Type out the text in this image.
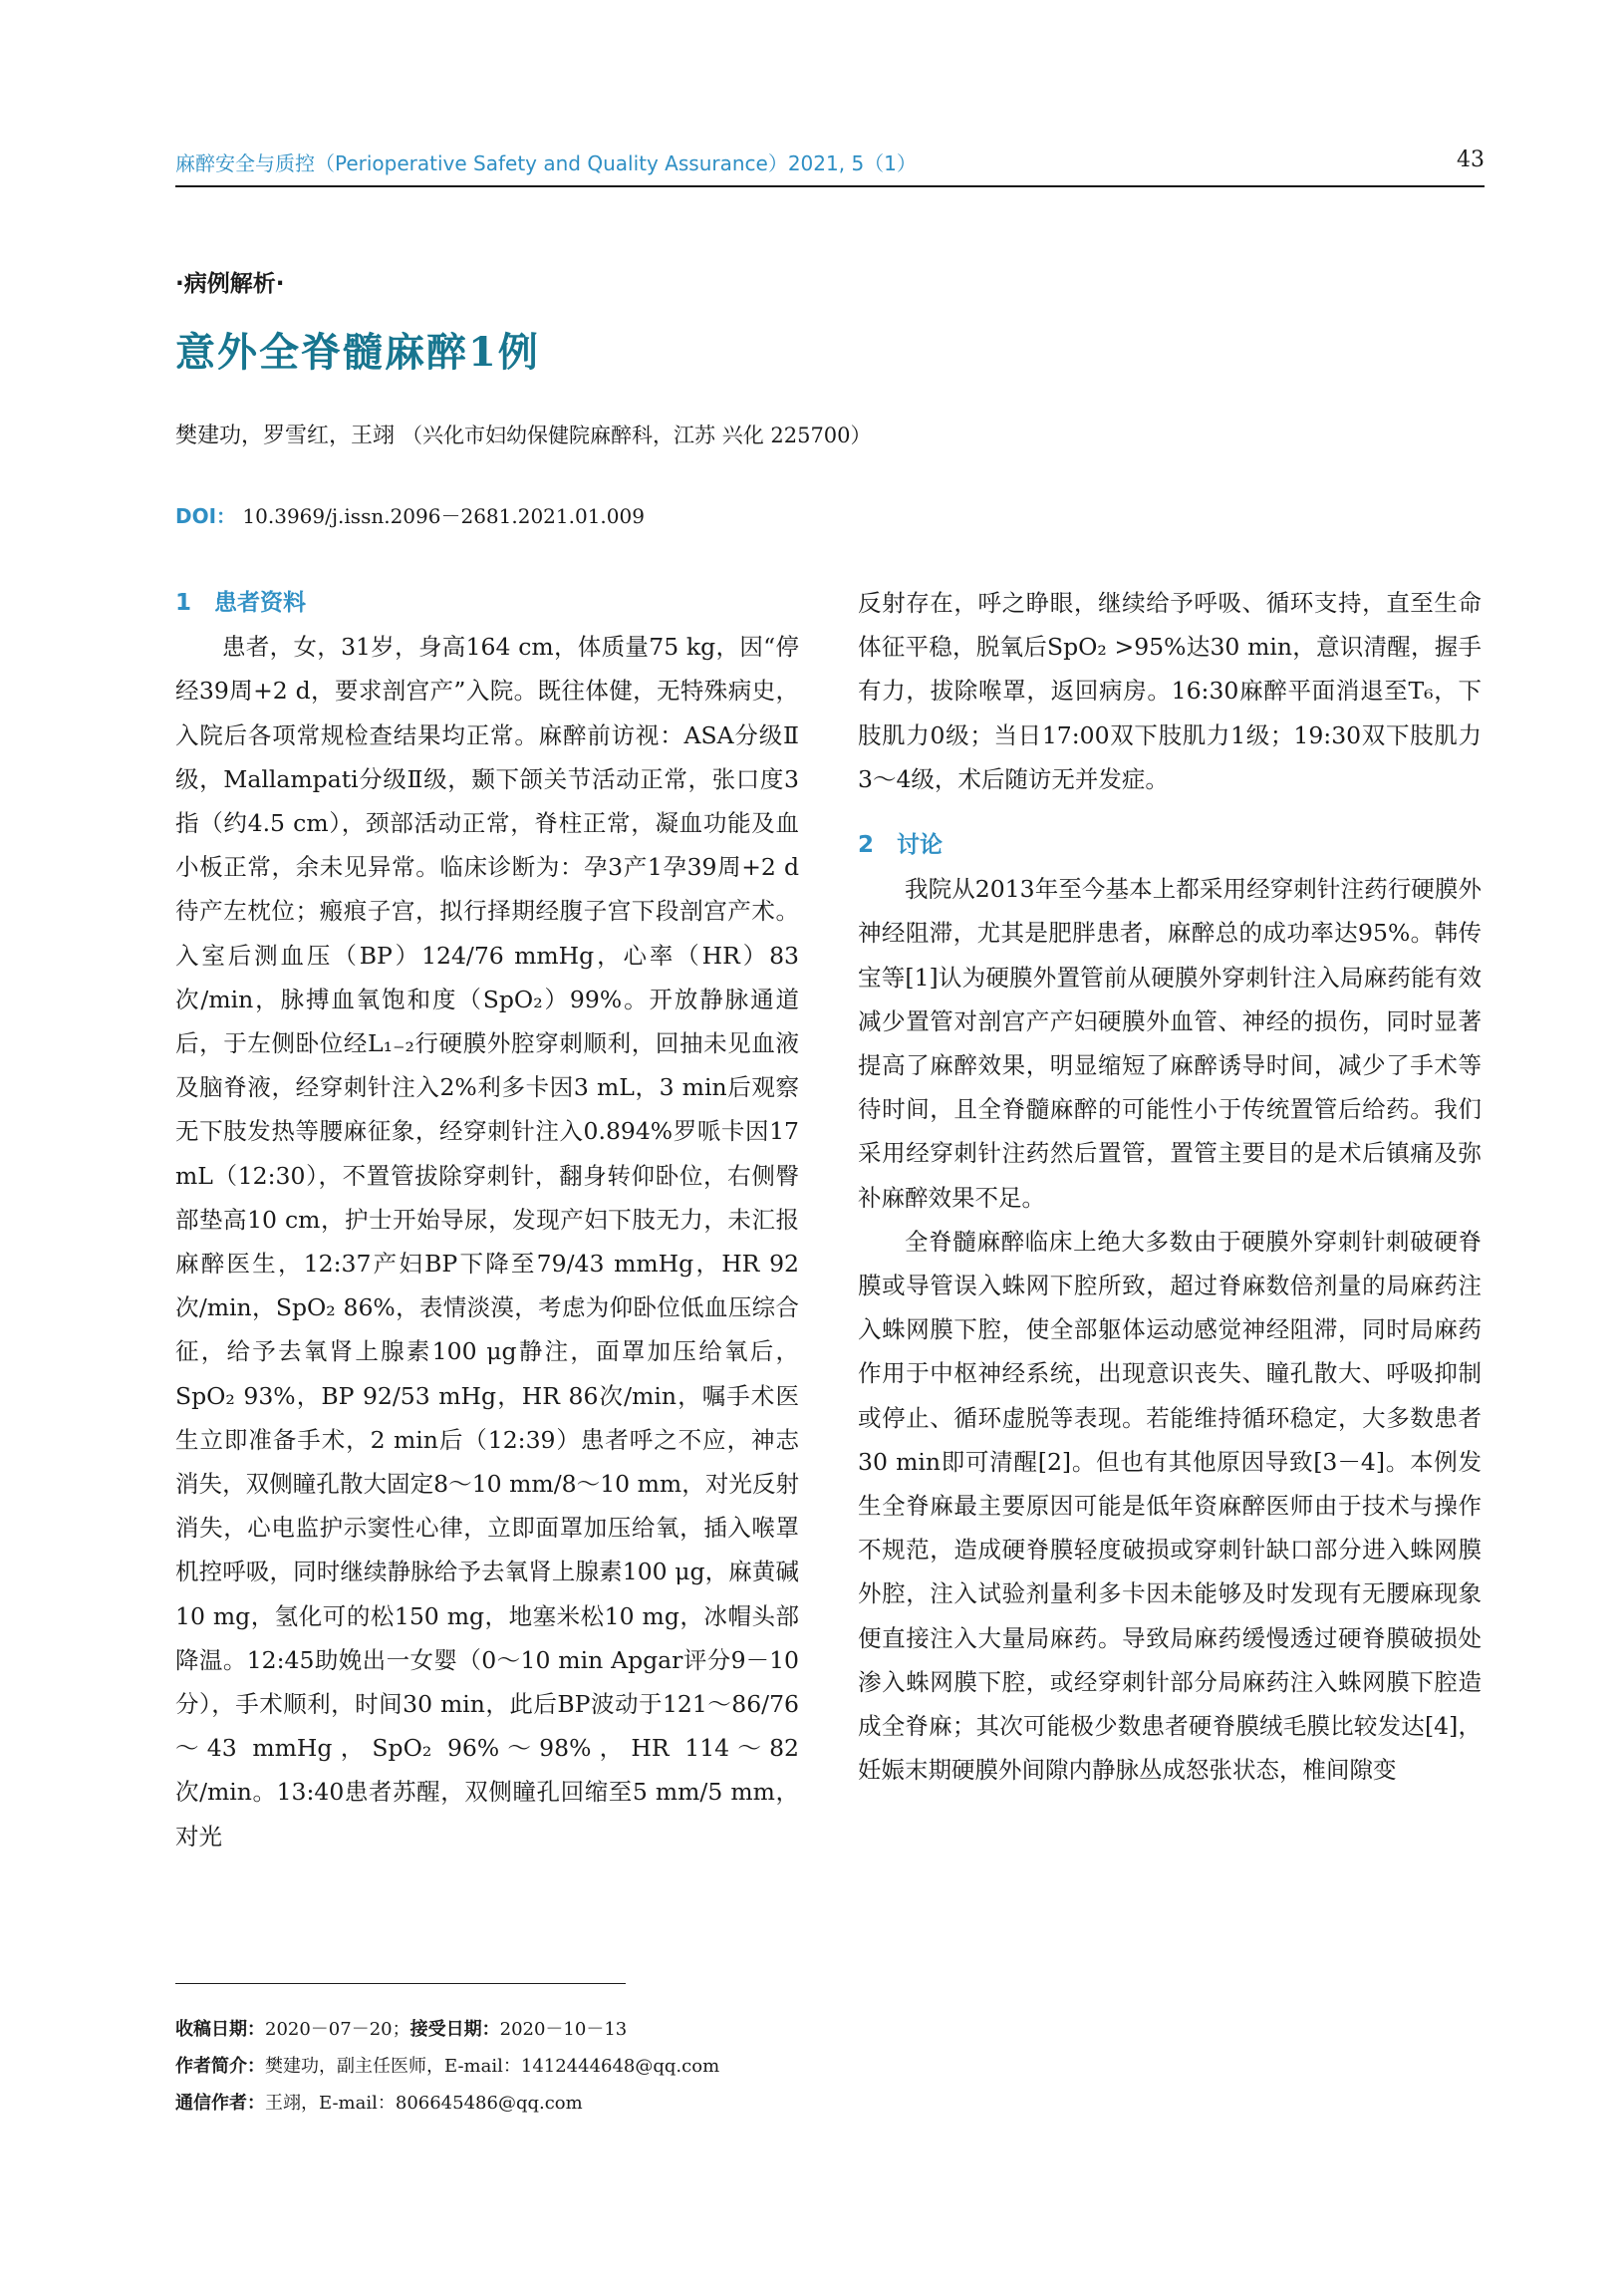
麻醉安全与质控（Perioperative Safety and Quality Assurance）2021, 5（1）	43
·病例解析·
意外全脊髓麻醉1例
樊建功，罗雪红，王翊 （兴化市妇幼保健院麻醉科，江苏 兴化 225700）
DOI： 10.3969/j.issn.2096－2681.2021.01.009
1　患者资料

患者，女，31岁，身高164 cm，体质量75 kg，因“停经39周+2 d，要求剖宫产”入院。既往体健，无特殊病史，入院后各项常规检查结果均正常。麻醉前访视：ASA分级Ⅱ级，Mallampati分级Ⅱ级，颞下颌关节活动正常，张口度3指（约4.5 cm），颈部活动正常，脊柱正常，凝血功能及血小板正常，余未见异常。临床诊断为：孕3产1孕39周+2 d待产左枕位；瘢痕子宫，拟行择期经腹子宫下段剖宫产术。入室后测血压（BP）124/76 mmHg，心率（HR）83次/min，脉搏血氧饱和度（SpO₂）99%。开放静脉通道后，于左侧卧位经L₁₋₂行硬膜外腔穿刺顺利，回抽未见血液及脑脊液，经穿刺针注入2%利多卡因3 mL，3 min后观察无下肢发热等腰麻征象，经穿刺针注入0.894%罗哌卡因17 mL（12:30），不置管拔除穿刺针，翻身转仰卧位，右侧臀部垫高10 cm，护士开始导尿，发现产妇下肢无力，未汇报麻醉医生，12:37产妇BP下降至79/43 mmHg，HR 92次/min，SpO₂ 86%，表情淡漠，考虑为仰卧位低血压综合征，给予去氧肾上腺素100 μg静注，面罩加压给氧后，SpO₂ 93%，BP 92/53 mHg，HR 86次/min，嘱手术医生立即准备手术，2 min后（12:39）患者呼之不应，神志消失，双侧瞳孔散大固定8～10 mm/8～10 mm，对光反射消失，心电监护示窦性心律，立即面罩加压给氧，插入喉罩机控呼吸，同时继续静脉给予去氧肾上腺素100 μg，麻黄碱10 mg，氢化可的松150 mg，地塞米松10 mg，冰帽头部降温。12:45助娩出一女婴（0～10 min Apgar评分9－10分），手术顺利，时间30 min，此后BP波动于121～86/76～43 mmHg，SpO₂ 96%～98%，HR 114～82次/min。13:40患者苏醒，双侧瞳孔回缩至5 mm/5 mm，对光

反射存在，呼之睁眼，继续给予呼吸、循环支持，直至生命体征平稳，脱氧后SpO₂ >95%达30 min，意识清醒，握手有力，拔除喉罩，返回病房。16:30麻醉平面消退至T₆，下肢肌力0级；当日17:00双下肢肌力1级；19:30双下肢肌力3～4级，术后随访无并发症。

2　讨论

我院从2013年至今基本上都采用经穿刺针注药行硬膜外神经阻滞，尤其是肥胖患者，麻醉总的成功率达95%。韩传宝等[1]认为硬膜外置管前从硬膜外穿刺针注入局麻药能有效减少置管对剖宫产产妇硬膜外血管、神经的损伤，同时显著提高了麻醉效果，明显缩短了麻醉诱导时间，减少了手术等待时间，且全脊髓麻醉的可能性小于传统置管后给药。我们采用经穿刺针注药然后置管，置管主要目的是术后镇痛及弥补麻醉效果不足。

全脊髓麻醉临床上绝大多数由于硬膜外穿刺针刺破硬脊膜或导管误入蛛网下腔所致，超过脊麻数倍剂量的局麻药注入蛛网膜下腔，使全部躯体运动感觉神经阻滞，同时局麻药作用于中枢神经系统，出现意识丧失、瞳孔散大、呼吸抑制或停止、循环虚脱等表现。若能维持循环稳定，大多数患者30 min即可清醒[2]。但也有其他原因导致[3－4]。本例发生全脊麻最主要原因可能是低年资麻醉医师由于技术与操作不规范，造成硬脊膜轻度破损或穿刺针缺口部分进入蛛网膜外腔，注入试验剂量利多卡因未能够及时发现有无腰麻现象便直接注入大量局麻药。导致局麻药缓慢透过硬脊膜破损处渗入蛛网膜下腔，或经穿刺针部分局麻药注入蛛网膜下腔造成全脊麻；其次可能极少数患者硬脊膜绒毛膜比较发达[4]，妊娠末期硬膜外间隙内静脉丛成怒张状态，椎间隙变

收稿日期：2020－07－20；接受日期：2020－10－13
作者简介：樊建功，副主任医师，E-mail：1412444648@qq.com
通信作者：王翊，E-mail：806645486@qq.com
